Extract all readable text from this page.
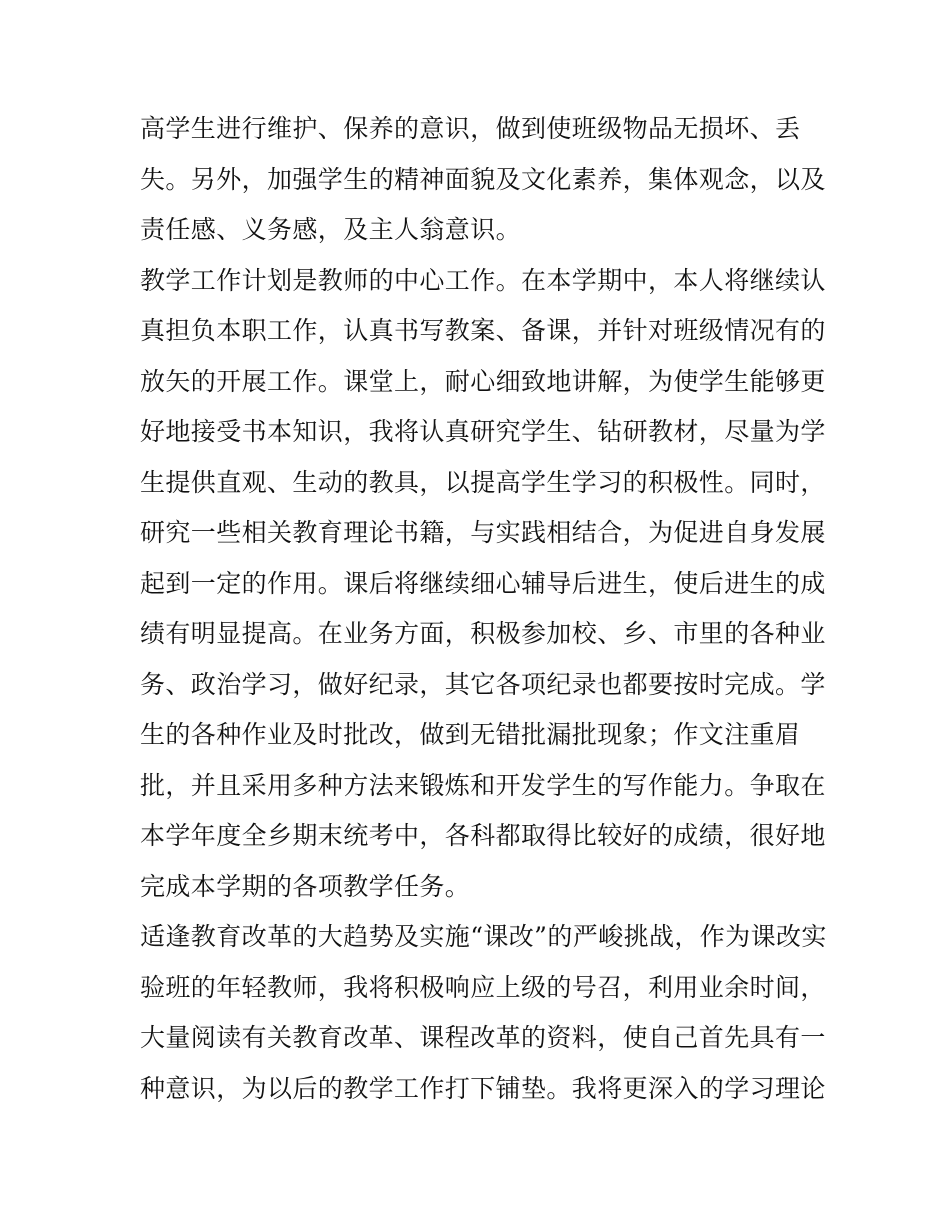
高学生进行维护、保养的意识，做到使班级物品无损坏、丢
失。另外，加强学生的精神面貌及文化素养，集体观念，以及
责任感、义务感，及主人翁意识。
教学工作计划是教师的中心工作。在本学期中，本人将继续认
真担负本职工作，认真书写教案、备课，并针对班级情况有的
放矢的开展工作。课堂上，耐心细致地讲解，为使学生能够更
好地接受书本知识，我将认真研究学生、钻研教材，尽量为学
生提供直观、生动的教具，以提高学生学习的积极性。同时，
研究一些相关教育理论书籍，与实践相结合，为促进自身发展
起到一定的作用。课后将继续细心辅导后进生，使后进生的成
绩有明显提高。在业务方面，积极参加校、乡、市里的各种业
务、政治学习，做好纪录，其它各项纪录也都要按时完成。学
生的各种作业及时批改，做到无错批漏批现象；作文注重眉
批，并且采用多种方法来锻炼和开发学生的写作能力。争取在
本学年度全乡期末统考中，各科都取得比较好的成绩，很好地
完成本学期的各项教学任务。
适逢教育改革的大趋势及实施“课改”的严峻挑战，作为课改实
验班的年轻教师，我将积极响应上级的号召，利用业余时间，
大量阅读有关教育改革、课程改革的资料，使自己首先具有一
种意识，为以后的教学工作打下铺垫。我将更深入的学习理论
